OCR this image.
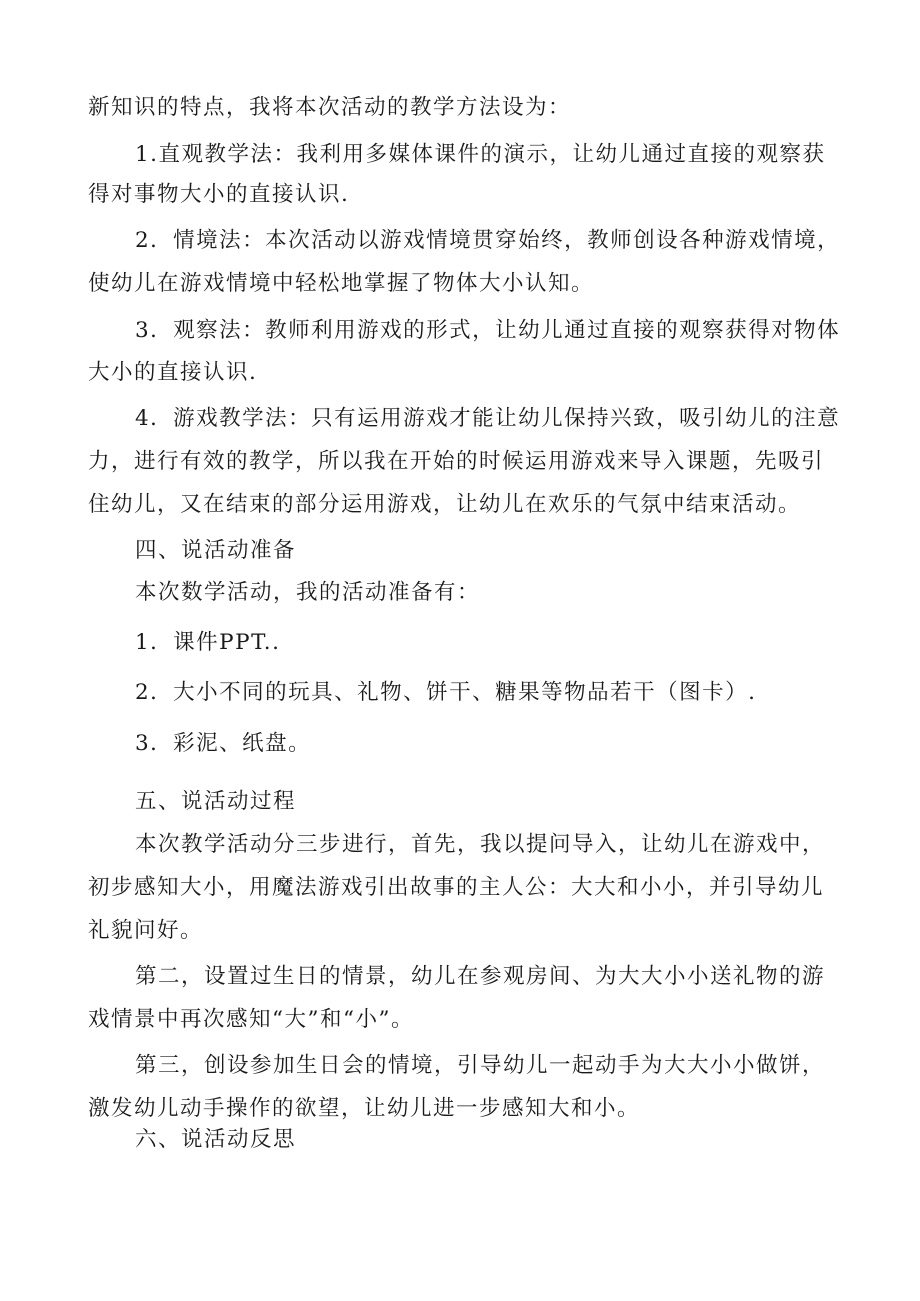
新知识的特点，我将本次活动的教学方法设为：
1.直观教学法：我利用多媒体课件的演示，让幼儿通过直接的观察获
得对事物大小的直接认识.
2．情境法：本次活动以游戏情境贯穿始终，教师创设各种游戏情境，
使幼儿在游戏情境中轻松地掌握了物体大小认知。
3．观察法：教师利用游戏的形式，让幼儿通过直接的观察获得对物体
大小的直接认识.
4．游戏教学法：只有运用游戏才能让幼儿保持兴致，吸引幼儿的注意
力，进行有效的教学，所以我在开始的时候运用游戏来导入课题，先吸引
住幼儿，又在结束的部分运用游戏，让幼儿在欢乐的气氛中结束活动。
四、说活动准备
本次数学活动，我的活动准备有：
1．课件PPT..
2．大小不同的玩具、礼物、饼干、糖果等物品若干（图卡）.
3．彩泥、纸盘。
五、说活动过程
本次教学活动分三步进行，首先，我以提问导入，让幼儿在游戏中，
初步感知大小，用魔法游戏引出故事的主人公：大大和小小，并引导幼儿
礼貌问好。
第二，设置过生日的情景，幼儿在参观房间、为大大小小送礼物的游
戏情景中再次感知“大”和“小”。
第三，创设参加生日会的情境，引导幼儿一起动手为大大小小做饼，
激发幼儿动手操作的欲望，让幼儿进一步感知大和小。
六、说活动反思
